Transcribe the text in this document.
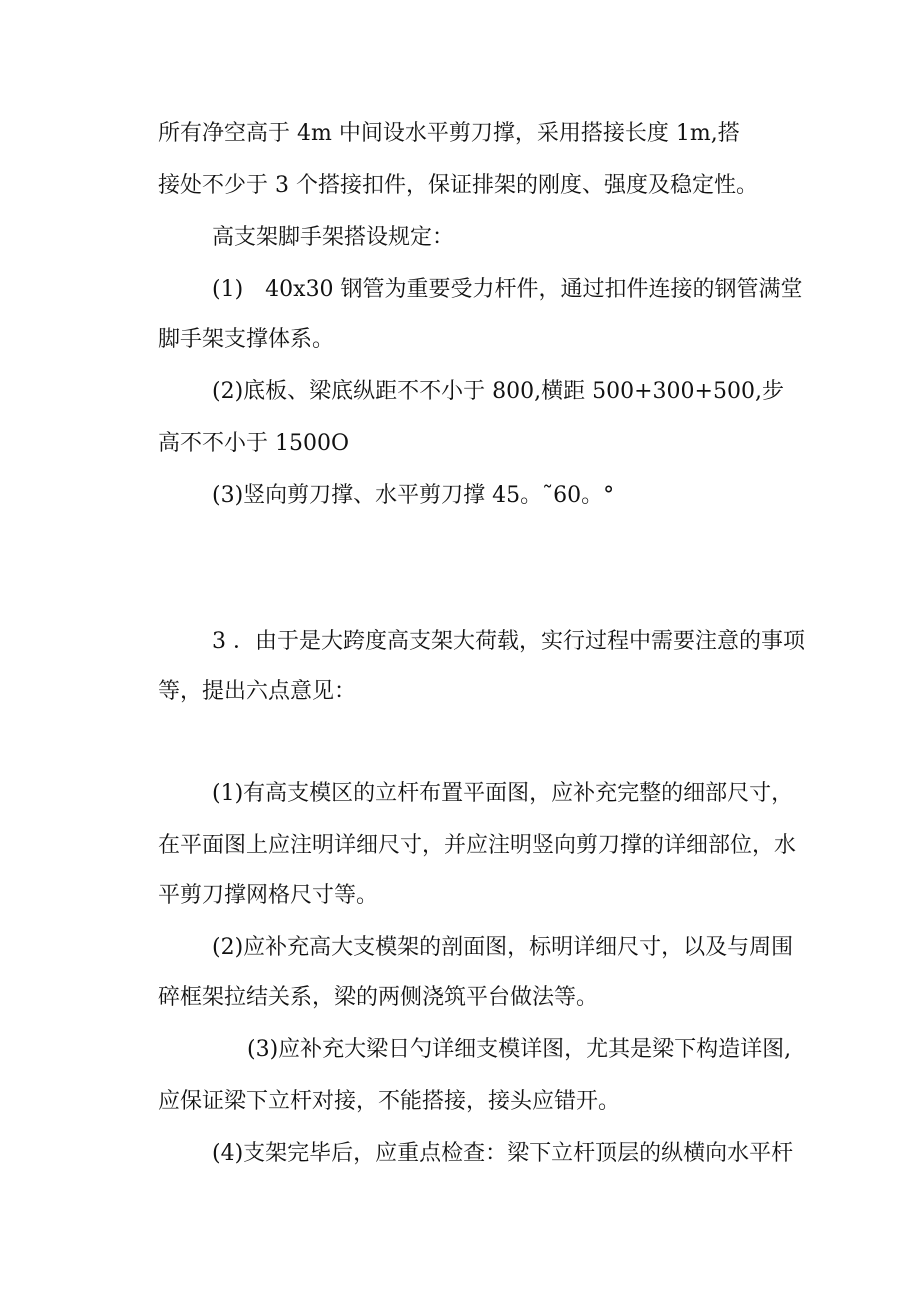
所有净空高于 4m 中间设水平剪刀撑，采用搭接长度 1m,搭

接处不少于 3 个搭接扣件，保证排架的刚度、强度及稳定性。

高支架脚手架搭设规定：

(1)　40x30 钢管为重要受力杆件，通过扣件连接的钢管满堂

脚手架支撑体系。

(2)底板、梁底纵距不不小于 800,横距 500+300+500,步

高不不小于 1500O

(3)竖向剪刀撑、水平剪刀撑 45。˜60。°

3 ．由于是大跨度高支架大荷载，实行过程中需要注意的事项

等，提出六点意见：

(1)有高支模区的立杆布置平面图，应补充完整的细部尺寸，

在平面图上应注明详细尺寸，并应注明竖向剪刀撑的详细部位，水

平剪刀撑网格尺寸等。

(2)应补充高大支模架的剖面图，标明详细尺寸，以及与周围

碎框架拉结关系，梁的两侧浇筑平台做法等。

(3)应补充大梁日勺详细支模详图，尤其是梁下构造详图,

应保证梁下立杆对接，不能搭接，接头应错开。

(4)支架完毕后，应重点检查：梁下立杆顶层的纵横向水平杆
